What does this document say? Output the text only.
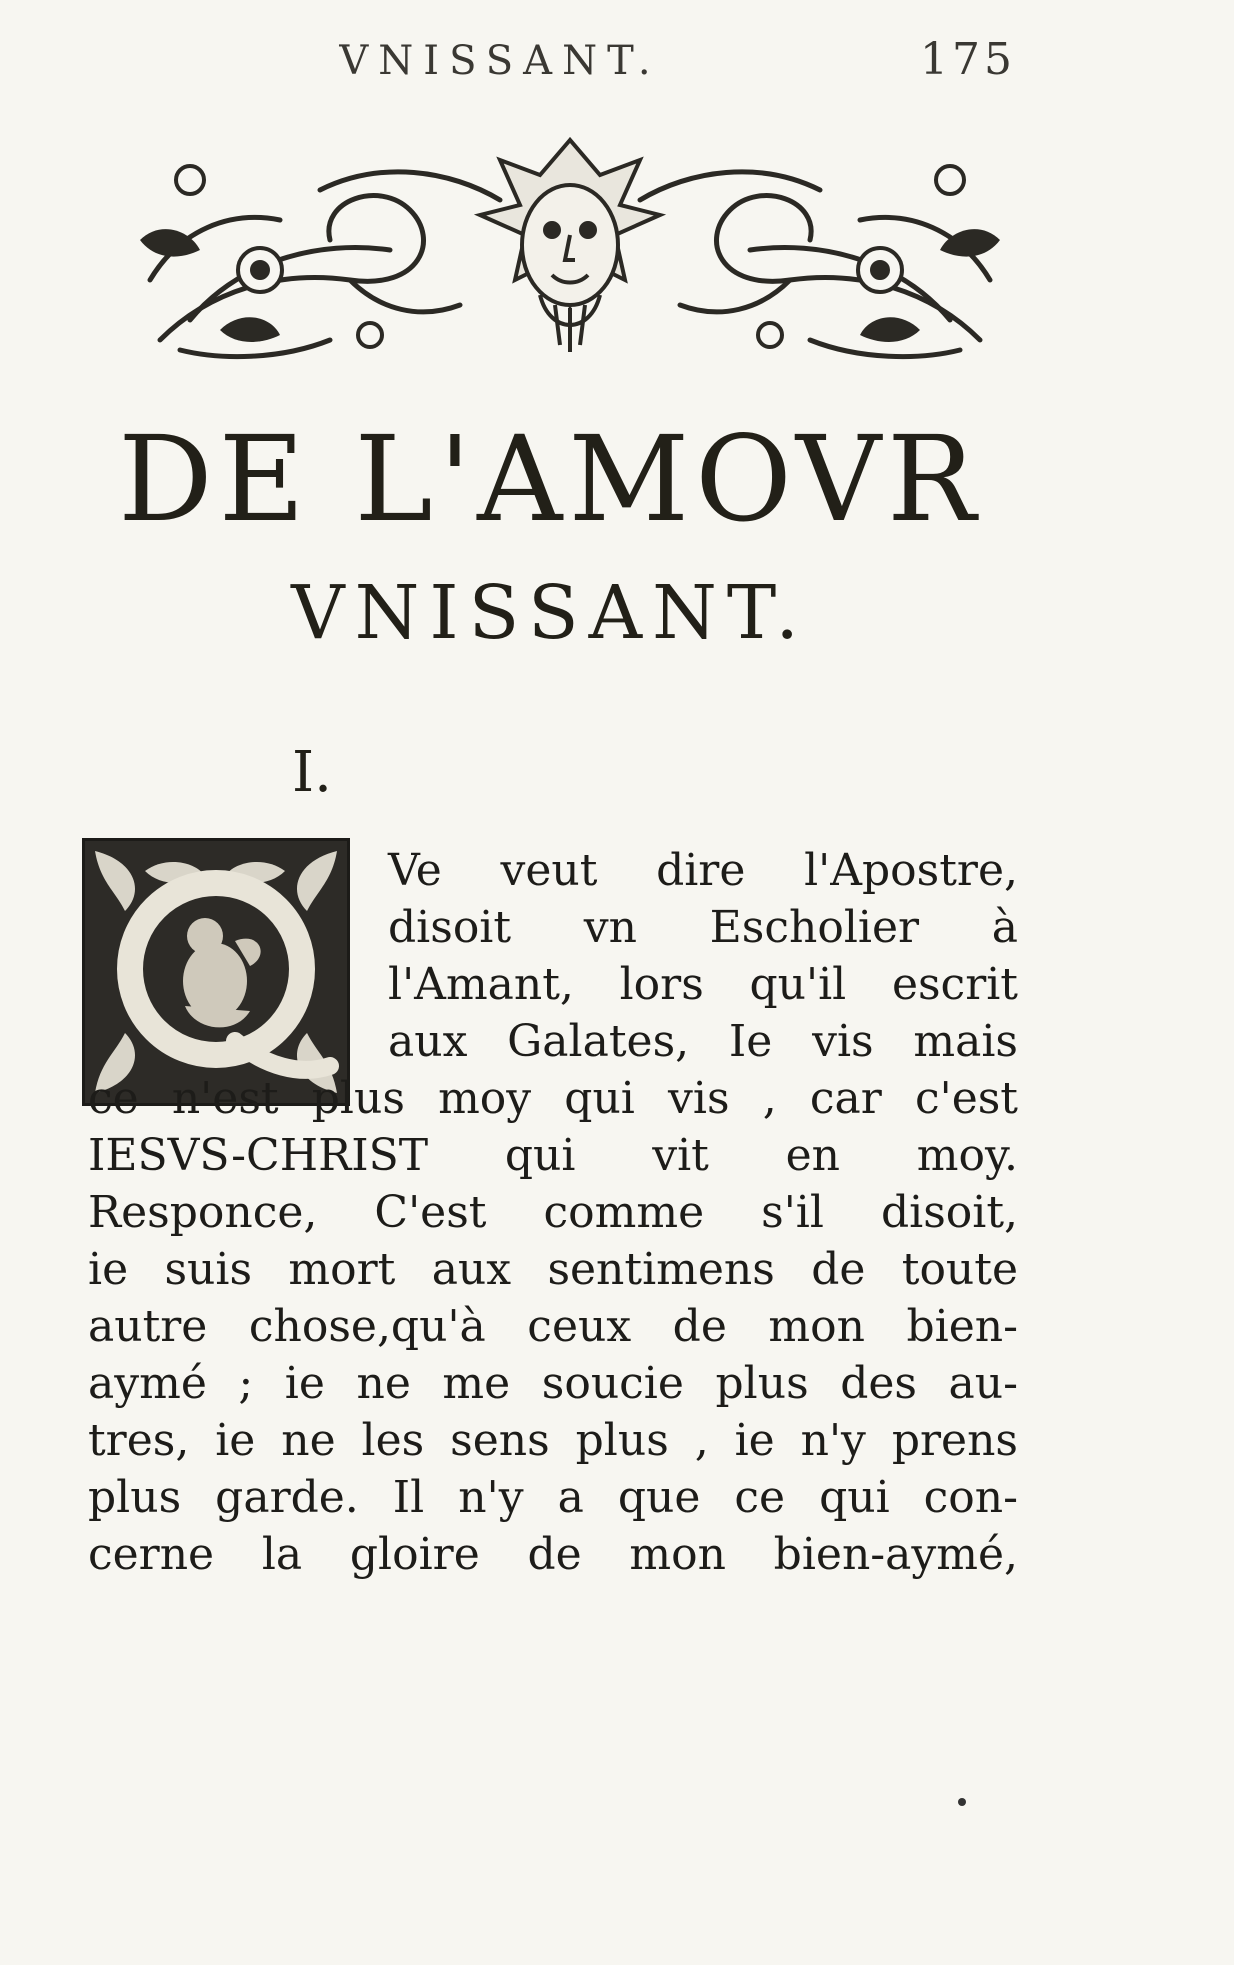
VNISSANT.	175
DE L'AMOVR
VNISSANT.
I.
Ve veut dire l'Apostre,
disoit vn Escholier à
l'Amant, lors qu'il escrit
aux Galates, Ie vis mais
ce n'est plus moy qui vis , car c'est
IESVS-CHRIST qui vit en moy.
Responce, C'est comme s'il disoit,
ie suis mort aux sentimens de toute
autre chose,qu'à ceux de mon bien-
aymé ; ie ne me soucie plus des au-
tres, ie ne les sens plus , ie n'y prens
plus garde. Il n'y a que ce qui con-
cerne la gloire de mon bien-aymé,
